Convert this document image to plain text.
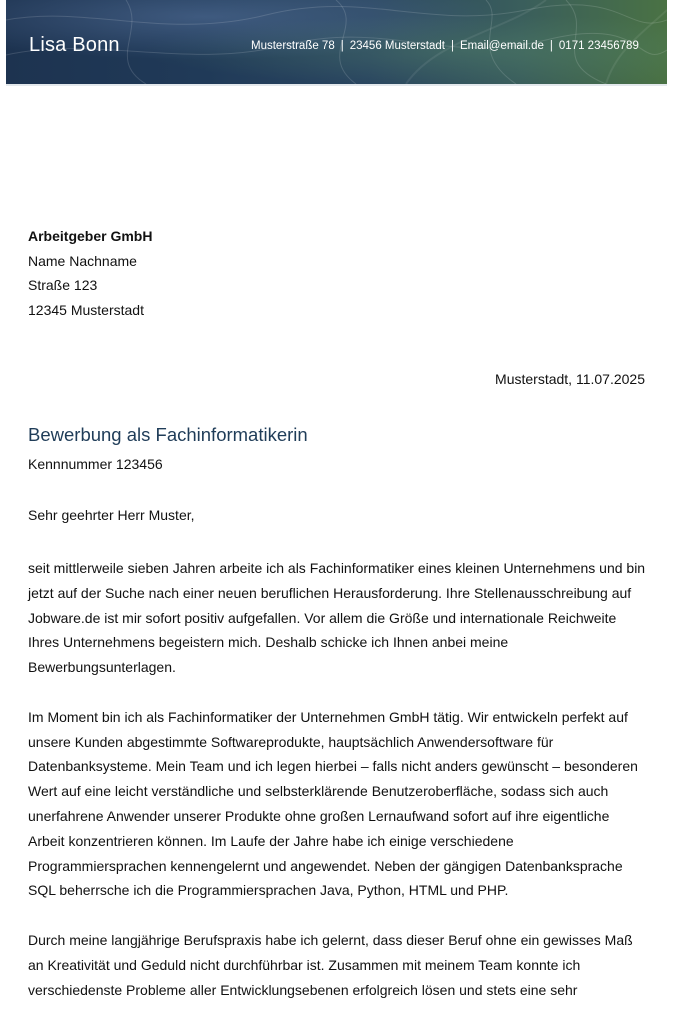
Lisa Bonn	Musterstraße 78 | 23456 Musterstadt | Email@email.de | 0171 23456789
Arbeitgeber GmbH
Name Nachname
Straße 123
12345 Musterstadt
Musterstadt, 11.07.2025
Bewerbung als Fachinformatikerin
Kennnummer 123456
Sehr geehrter Herr Muster,

seit mittlerweile sieben Jahren arbeite ich als Fachinformatiker eines kleinen Unternehmens und bin jetzt auf der Suche nach einer neuen beruflichen Herausforderung. Ihre Stellenausschreibung auf Jobware.de ist mir sofort positiv aufgefallen. Vor allem die Größe und internationale Reichweite Ihres Unternehmens begeistern mich. Deshalb schicke ich Ihnen anbei meine Bewerbungsunterlagen.

Im Moment bin ich als Fachinformatiker der Unternehmen GmbH tätig. Wir entwickeln perfekt auf unsere Kunden abgestimmte Softwareprodukte, hauptsächlich Anwendersoftware für Datenbanksysteme. Mein Team und ich legen hierbei – falls nicht anders gewünscht – besonderen Wert auf eine leicht verständliche und selbsterklärende Benutzeroberfläche, sodass sich auch unerfahrene Anwender unserer Produkte ohne großen Lernaufwand sofort auf ihre eigentliche Arbeit konzentrieren können. Im Laufe der Jahre habe ich einige verschiedene Programmiersprachen kennengelernt und angewendet. Neben der gängigen Datenbanksprache SQL beherrsche ich die Programmiersprachen Java, Python, HTML und PHP.

Durch meine langjährige Berufspraxis habe ich gelernt, dass dieser Beruf ohne ein gewisses Maß an Kreativität und Geduld nicht durchführbar ist. Zusammen mit meinem Team konnte ich verschiedenste Probleme aller Entwicklungsebenen erfolgreich lösen und stets eine sehr
